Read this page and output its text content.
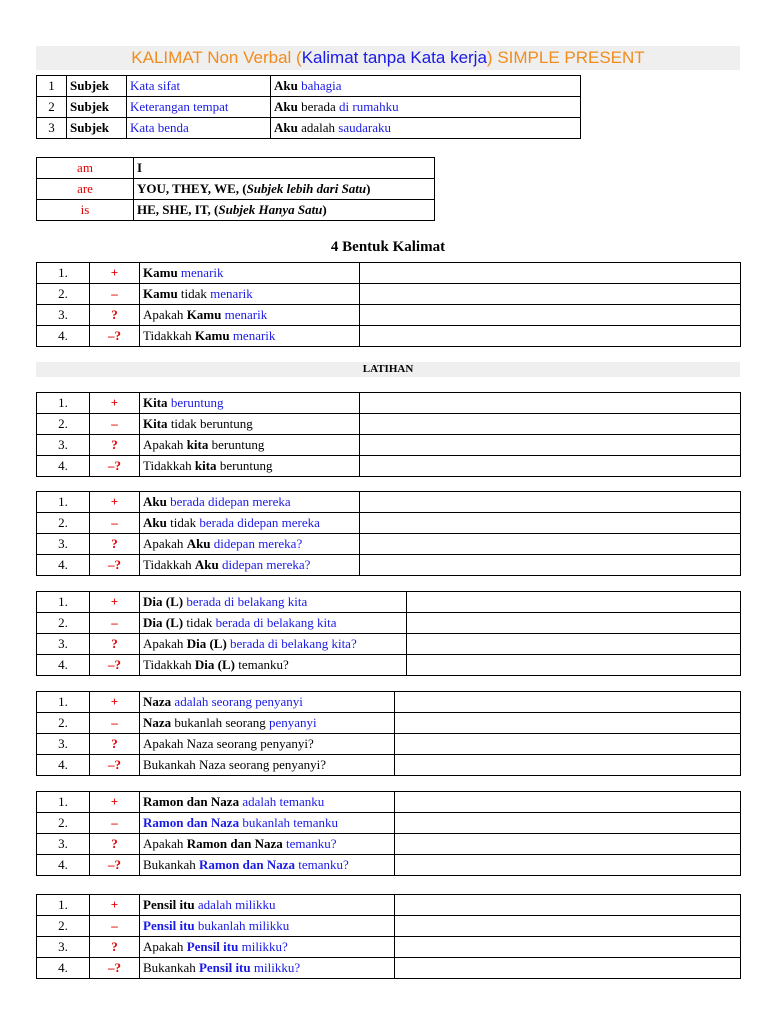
KALIMAT Non Verbal (Kalimat tanpa Kata kerja) SIMPLE PRESENT
1	Subjek	Kata sifat	Aku bahagia
2	Subjek	Keterangan tempat	Aku berada di rumahku
3	Subjek	Kata benda	Aku adalah saudaraku
am	I
are	YOU, THEY, WE, (Subjek lebih dari Satu)
is	HE, SHE, IT, (Subjek Hanya Satu)
4 Bentuk Kalimat
1.	+	Kamu menarik	
2.	–	Kamu tidak menarik	
3.	?	Apakah Kamu menarik	
4.	–?	Tidakkah Kamu menarik	
LATIHAN
1.	+	Kita beruntung	
2.	–	Kita tidak beruntung	
3.	?	Apakah kita beruntung	
4.	–?	Tidakkah kita beruntung	
1.	+	Aku berada didepan mereka	
2.	–	Aku tidak berada didepan mereka	
3.	?	Apakah Aku didepan mereka?	
4.	–?	Tidakkah Aku didepan mereka?	
1.	+	Dia (L) berada di belakang kita	
2.	–	Dia (L) tidak berada di belakang kita	
3.	?	Apakah Dia (L) berada di belakang kita?	
4.	–?	Tidakkah Dia (L) temanku?	
1.	+	Naza adalah seorang penyanyi	
2.	–	Naza bukanlah seorang penyanyi	
3.	?	Apakah Naza seorang penyanyi?	
4.	–?	Bukankah Naza seorang penyanyi?	
1.	+	Ramon dan Naza adalah temanku	
2.	–	Ramon dan Naza bukanlah temanku	
3.	?	Apakah Ramon dan Naza temanku?	
4.	–?	Bukankah Ramon dan Naza temanku?	
1.	+	Pensil itu adalah milikku	
2.	–	Pensil itu bukanlah milikku	
3.	?	Apakah Pensil itu milikku?	
4.	–?	Bukankah Pensil itu milikku?	
